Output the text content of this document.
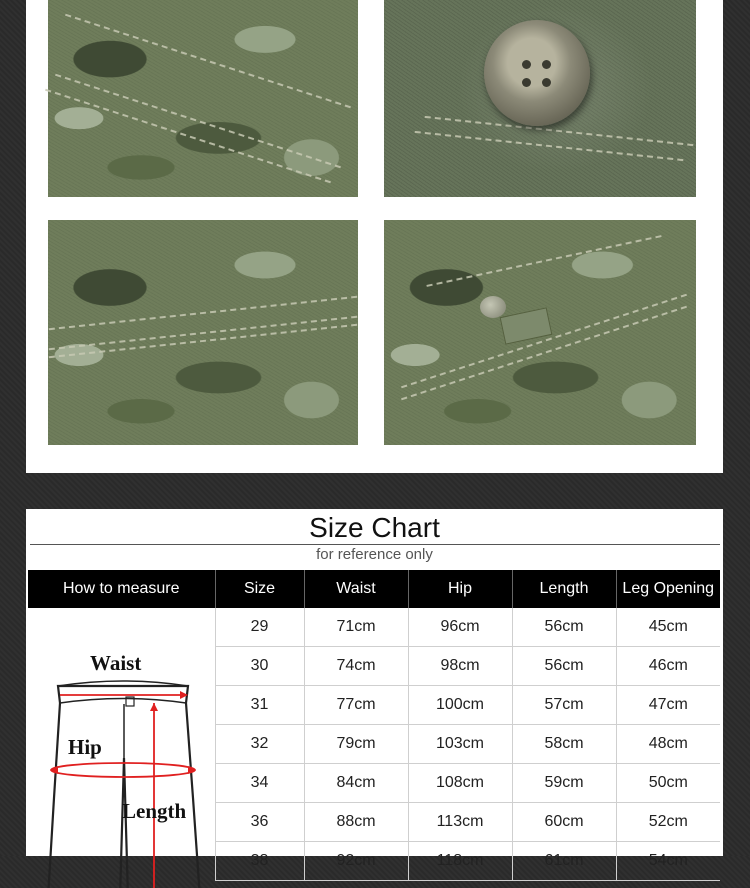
Size Chart
for reference only
How to measure	Size	Waist	Hip	Length	Leg Opening

Waist
Hip
Length	29	71cm	96cm	56cm	45cm
	30	74cm	98cm	56cm	46cm
	31	77cm	100cm	57cm	47cm
	32	79cm	103cm	58cm	48cm
	34	84cm	108cm	59cm	50cm
	36	88cm	113cm	60cm	52cm
	38	92cm	118cm	61cm	54cm
